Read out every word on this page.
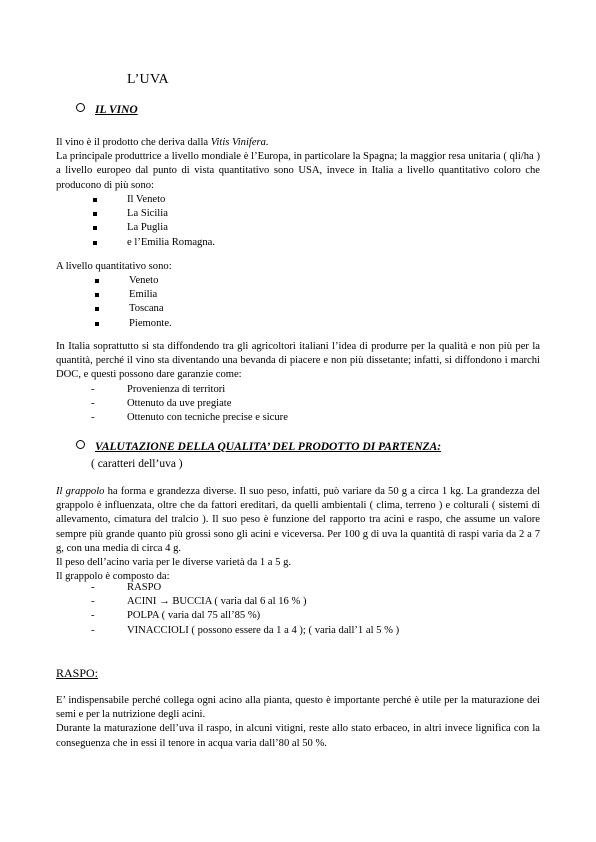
L’UVA
IL VINO

Il vino è il prodotto che deriva dalla Vitis Vinifera.

La principale produttrice a livello mondiale è l’Europa, in particolare la Spagna; la maggior resa unitaria ( qli/ha ) a livello europeo dal punto di vista quantitativo sono USA, invece in Italia a livello quantitativo coloro che producono di più sono:

Il Veneto
La Sicilia
La Puglia
e l’Emilia Romagna.
A livello quantitativo sono:
Veneto
Emilia
Toscana
Piemonte.
In Italia soprattutto si sta diffondendo tra gli agricoltori italiani l’idea di produrre per la qualità e non più per la quantità, perché il vino sta diventando una bevanda di piacere e non più dissetante; infatti, si diffondono i marchi DOC, e questi possono dare garanzie come:
-	Provenienza di territori
-	Ottenuto da uve pregiate
-	Ottenuto con tecniche precise e sicure
VALUTAZIONE DELLA QUALITA’ DEL PRODOTTO DI PARTENZA:
( caratteri dell’uva )

Il grappolo ha forma e grandezza diverse. Il suo peso, infatti, può variare da 50 g a circa 1 kg. La grandezza del grappolo è influenzata, oltre che da fattori ereditari, da quelli ambientali ( clima, terreno ) e colturali ( sistemi di allevamento, cimatura del tralcio ). Il suo peso è funzione del rapporto tra acini e raspo, che assume un valore sempre più grande quanto più grossi sono gli acini e viceversa. Per 100 g di uva la quantità di raspi varia da 2 a 7 g, con una media di circa 4 g.

Il peso dell’acino varia per le diverse varietà da 1 a 5 g.

Il grappolo è composto da:

-	RASPO
-	ACINI → BUCCIA ( varia dal 6 al 16 % )
-	POLPA ( varia dal 75 all’85 %)
-	VINACCIOLI ( possono essere da 1 a 4 ); ( varia dall’1 al 5 % )
RASPO:

E’ indispensabile perché collega ogni acino alla pianta, questo è importante perché è utile per la maturazione dei semi e per la nutrizione degli acini.

Durante la maturazione dell’uva il raspo, in alcuni vitigni, reste allo stato erbaceo, in altri invece lignifica con la conseguenza che in essi il tenore in acqua varia dall’80 al 50 %.
